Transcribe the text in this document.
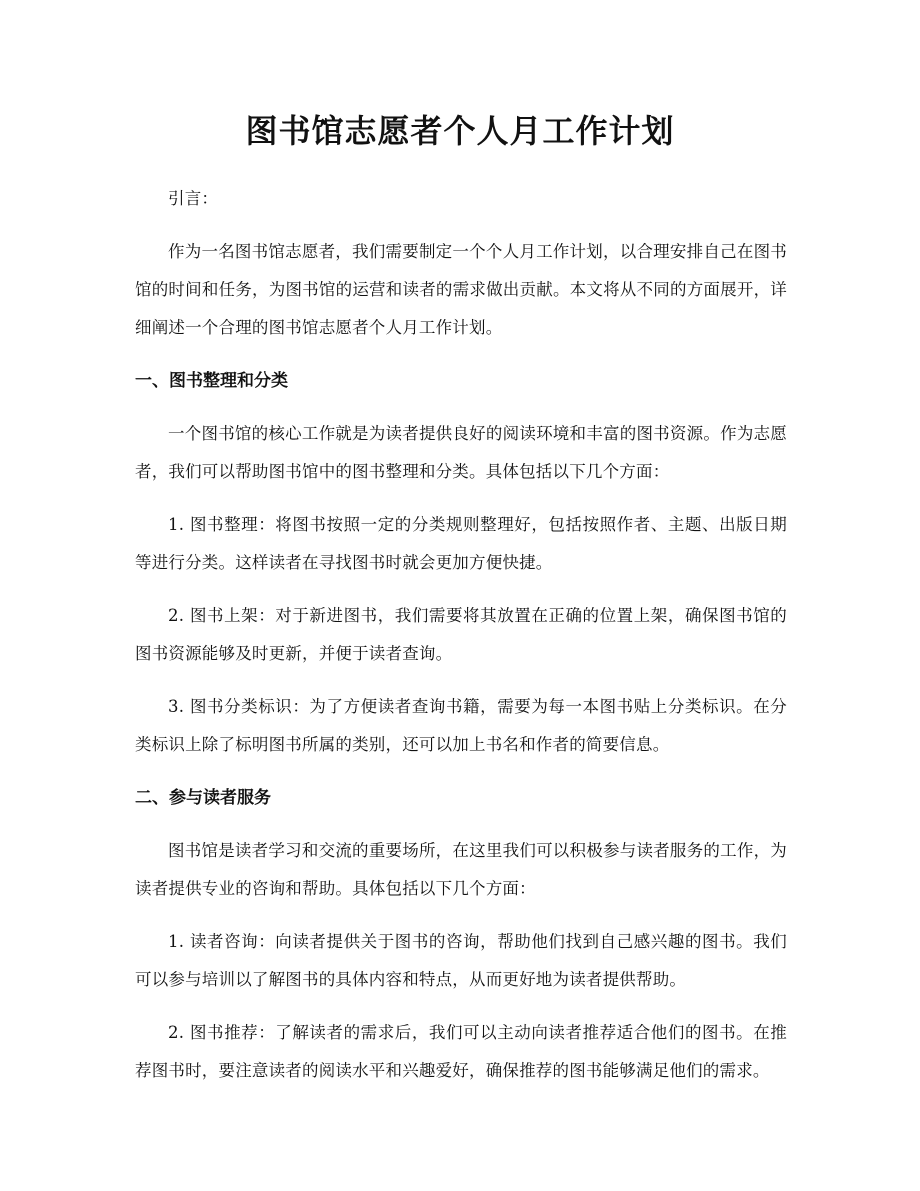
图书馆志愿者个人月工作计划

引言：

作为一名图书馆志愿者，我们需要制定一个个人月工作计划，以合理安排自己在图书馆的时间和任务，为图书馆的运营和读者的需求做出贡献。本文将从不同的方面展开，详细阐述一个合理的图书馆志愿者个人月工作计划。

一、图书整理和分类

一个图书馆的核心工作就是为读者提供良好的阅读环境和丰富的图书资源。作为志愿者，我们可以帮助图书馆中的图书整理和分类。具体包括以下几个方面：

1. 图书整理：将图书按照一定的分类规则整理好，包括按照作者、主题、出版日期等进行分类。这样读者在寻找图书时就会更加方便快捷。

2. 图书上架：对于新进图书，我们需要将其放置在正确的位置上架，确保图书馆的图书资源能够及时更新，并便于读者查询。

3. 图书分类标识：为了方便读者查询书籍，需要为每一本图书贴上分类标识。在分类标识上除了标明图书所属的类别，还可以加上书名和作者的简要信息。

二、参与读者服务

图书馆是读者学习和交流的重要场所，在这里我们可以积极参与读者服务的工作，为读者提供专业的咨询和帮助。具体包括以下几个方面：

1. 读者咨询：向读者提供关于图书的咨询，帮助他们找到自己感兴趣的图书。我们可以参与培训以了解图书的具体内容和特点，从而更好地为读者提供帮助。

2. 图书推荐：了解读者的需求后，我们可以主动向读者推荐适合他们的图书。在推荐图书时，要注意读者的阅读水平和兴趣爱好，确保推荐的图书能够满足他们的需求。
